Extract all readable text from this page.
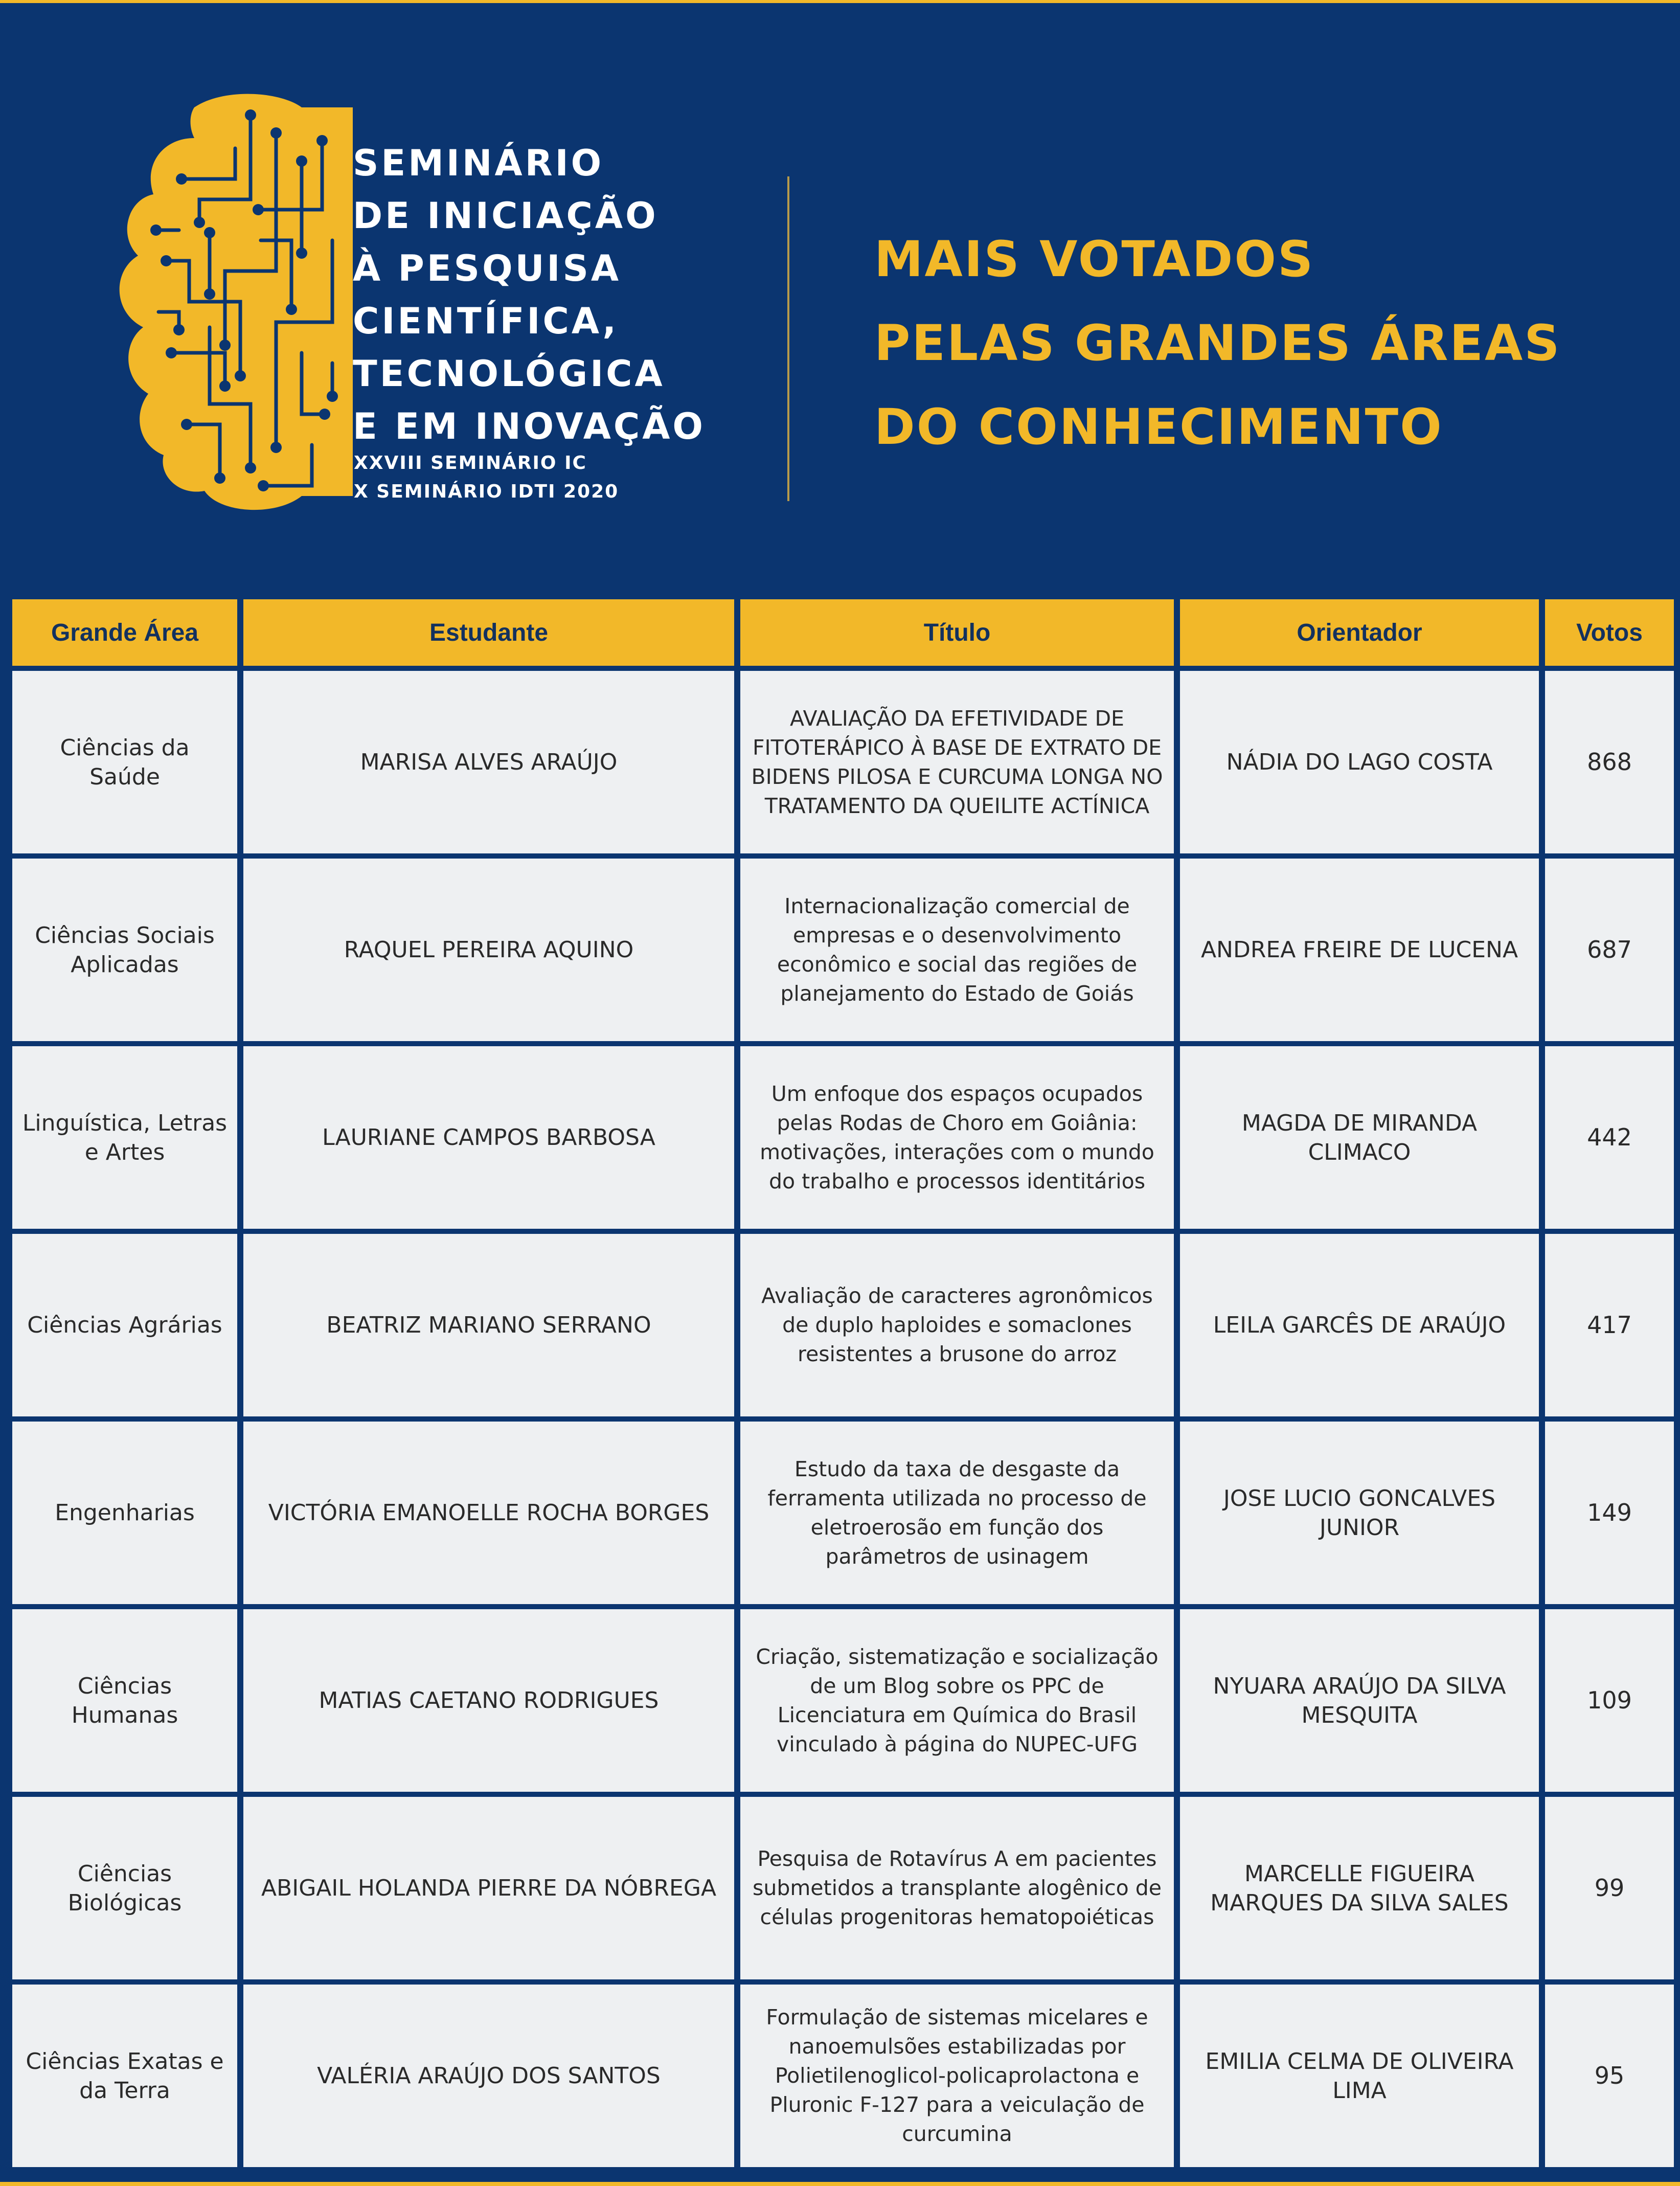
SEMINÁRIO
DE INICIAÇÃO
À PESQUISA
CIENTÍFICA,
TECNOLÓGICA
E EM INOVAÇÃO
XXVIII SEMINÁRIO IC
X SEMINÁRIO IDTI 2020
MAIS VOTADOS
PELAS GRANDES ÁREAS
DO CONHECIMENTO
Grande Área	Estudante	Título	Orientador	Votos
Ciências da Saúde	MARISA ALVES ARAÚJO	AVALIAÇÃO DA EFETIVIDADE DE FITOTERÁPICO À BASE DE EXTRATO DE BIDENS PILOSA E CURCUMA LONGA NO TRATAMENTO DA QUEILITE ACTÍNICA	NÁDIA DO LAGO COSTA	868
Ciências Sociais Aplicadas	RAQUEL PEREIRA AQUINO	Internacionalização comercial de empresas e o desenvolvimento econômico e social das regiões de planejamento do Estado de Goiás	ANDREA FREIRE DE LUCENA	687
Linguística, Letras e Artes	LAURIANE CAMPOS BARBOSA	Um enfoque dos espaços ocupados pelas Rodas de Choro em Goiânia: motivações, interações com o mundo do trabalho e processos identitários	MAGDA DE MIRANDA CLIMACO	442
Ciências Agrárias	BEATRIZ MARIANO SERRANO	Avaliação de caracteres agronômicos de duplo haploides e somaclones resistentes a brusone do arroz	LEILA GARCÊS DE ARAÚJO	417
Engenharias	VICTÓRIA EMANOELLE ROCHA BORGES	Estudo da taxa de desgaste da ferramenta utilizada no processo de eletroerosão em função dos parâmetros de usinagem	JOSE LUCIO GONCALVES JUNIOR	149
Ciências Humanas	MATIAS CAETANO RODRIGUES	Criação, sistematização e socialização de um Blog sobre os PPC de Licenciatura em Química do Brasil vinculado à página do NUPEC-UFG	NYUARA ARAÚJO DA SILVA MESQUITA	109
Ciências Biológicas	ABIGAIL HOLANDA PIERRE DA NÓBREGA	Pesquisa de Rotavírus A em pacientes submetidos a transplante alogênico de células progenitoras hematopoiéticas	MARCELLE FIGUEIRA MARQUES DA SILVA SALES	99
Ciências Exatas e da Terra	VALÉRIA ARAÚJO DOS SANTOS	Formulação de sistemas micelares e nanoemulsões estabilizadas por Polietilenoglicol-policaprolactona e Pluronic F-127 para a veiculação de curcumina	EMILIA CELMA DE OLIVEIRA LIMA	95
